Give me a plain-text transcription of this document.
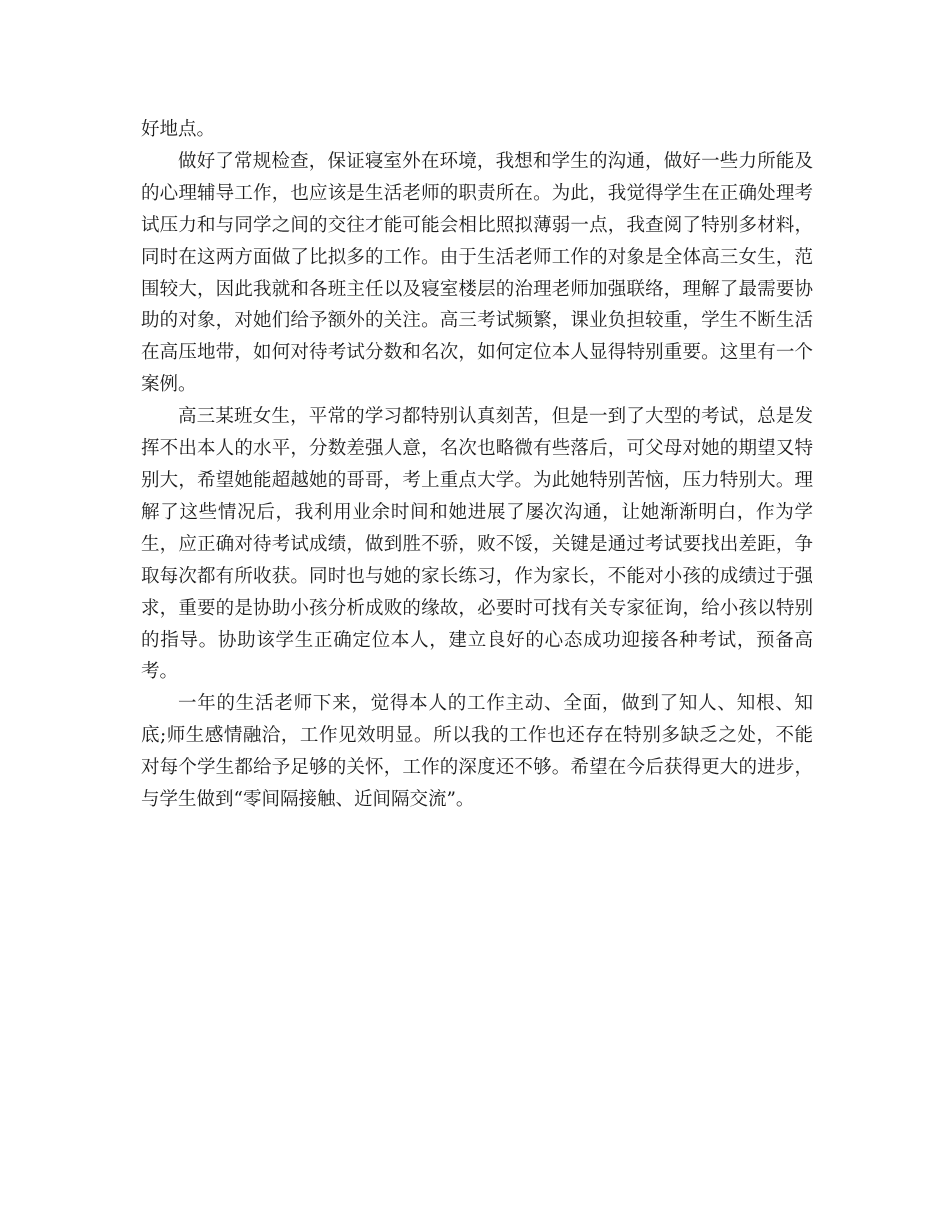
好地点。

做好了常规检查，保证寝室外在环境，我想和学生的沟通，做好一些力所能及的心理辅导工作，也应该是生活老师的职责所在。为此，我觉得学生在正确处理考试压力和与同学之间的交往才能可能会相比照拟薄弱一点，我查阅了特别多材料，同时在这两方面做了比拟多的工作。由于生活老师工作的对象是全体高三女生，范围较大，因此我就和各班主任以及寝室楼层的治理老师加强联络，理解了最需要协助的对象，对她们给予额外的关注。高三考试频繁，课业负担较重，学生不断生活在高压地带，如何对待考试分数和名次，如何定位本人显得特别重要。这里有一个案例。

高三某班女生，平常的学习都特别认真刻苦，但是一到了大型的考试，总是发挥不出本人的水平，分数差强人意，名次也略微有些落后，可父母对她的期望又特别大，希望她能超越她的哥哥，考上重点大学。为此她特别苦恼，压力特别大。理解了这些情况后，我利用业余时间和她进展了屡次沟通，让她渐渐明白，作为学生，应正确对待考试成绩，做到胜不骄，败不馁，关键是通过考试要找出差距，争取每次都有所收获。同时也与她的家长练习，作为家长，不能对小孩的成绩过于强求，重要的是协助小孩分析成败的缘故，必要时可找有关专家征询，给小孩以特别的指导。协助该学生正确定位本人，建立良好的心态成功迎接各种考试，预备高考。

一年的生活老师下来，觉得本人的工作主动、全面，做到了知人、知根、知底;师生感情融洽，工作见效明显。所以我的工作也还存在特别多缺乏之处，不能对每个学生都给予足够的关怀，工作的深度还不够。希望在今后获得更大的进步，与学生做到“零间隔接触、近间隔交流”。
